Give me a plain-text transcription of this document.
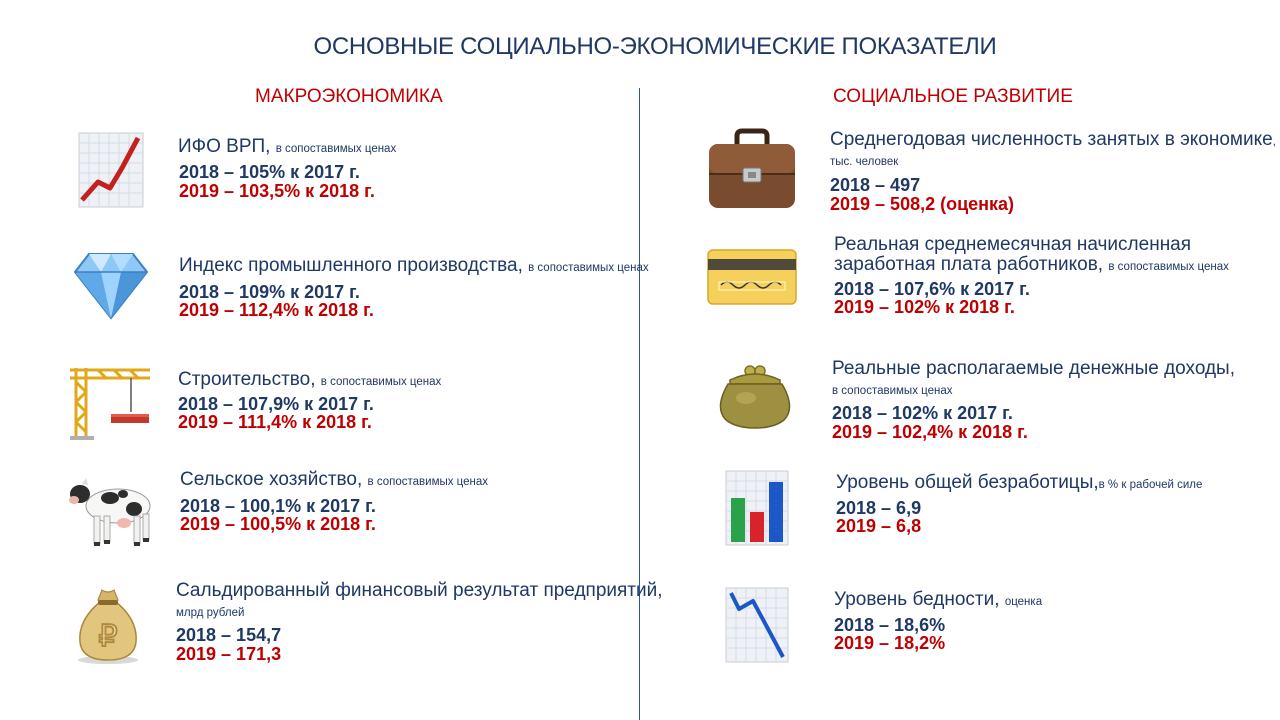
ОСНОВНЫЕ СОЦИАЛЬНО-ЭКОНОМИЧЕСКИЕ ПОКАЗАТЕЛИ
МАКРОЭКОНОМИКА	СОЦИАЛЬНОЕ РАЗВИТИЕ
ИФО ВРП, в сопоставимых ценах
2018 – 105% к 2017 г.
2019 – 103,5% к 2018 г.
Индекс промышленного производства, в сопоставимых ценах
2018 – 109% к 2017 г.
2019 – 112,4% к 2018 г.
Строительство, в сопоставимых ценах
2018 – 107,9% к 2017 г.
2019 – 111,4% к 2018 г.
Сельское хозяйство, в сопоставимых ценах
2018 – 100,1% к 2017 г.
2019 – 100,5% к 2018 г.
₽
Сальдированный финансовый результат предприятий,
млрд рублей
2018 – 154,7
2019 – 171,3
Среднегодовая численность занятых в экономике,
тыс. человек
2018 – 497
2019 – 508,2 (оценка)
Реальная среднемесячная начисленная
заработная плата работников, в сопоставимых ценах
2018 – 107,6% к 2017 г.
2019 – 102% к 2018 г.
Реальные располагаемые денежные доходы,
в сопоставимых ценах
2018 – 102% к 2017 г.
2019 – 102,4% к 2018 г.
Уровень общей безработицы,в % к рабочей силе
2018 – 6,9
2019 – 6,8
Уровень бедности, оценка
2018 – 18,6%
2019 – 18,2%
